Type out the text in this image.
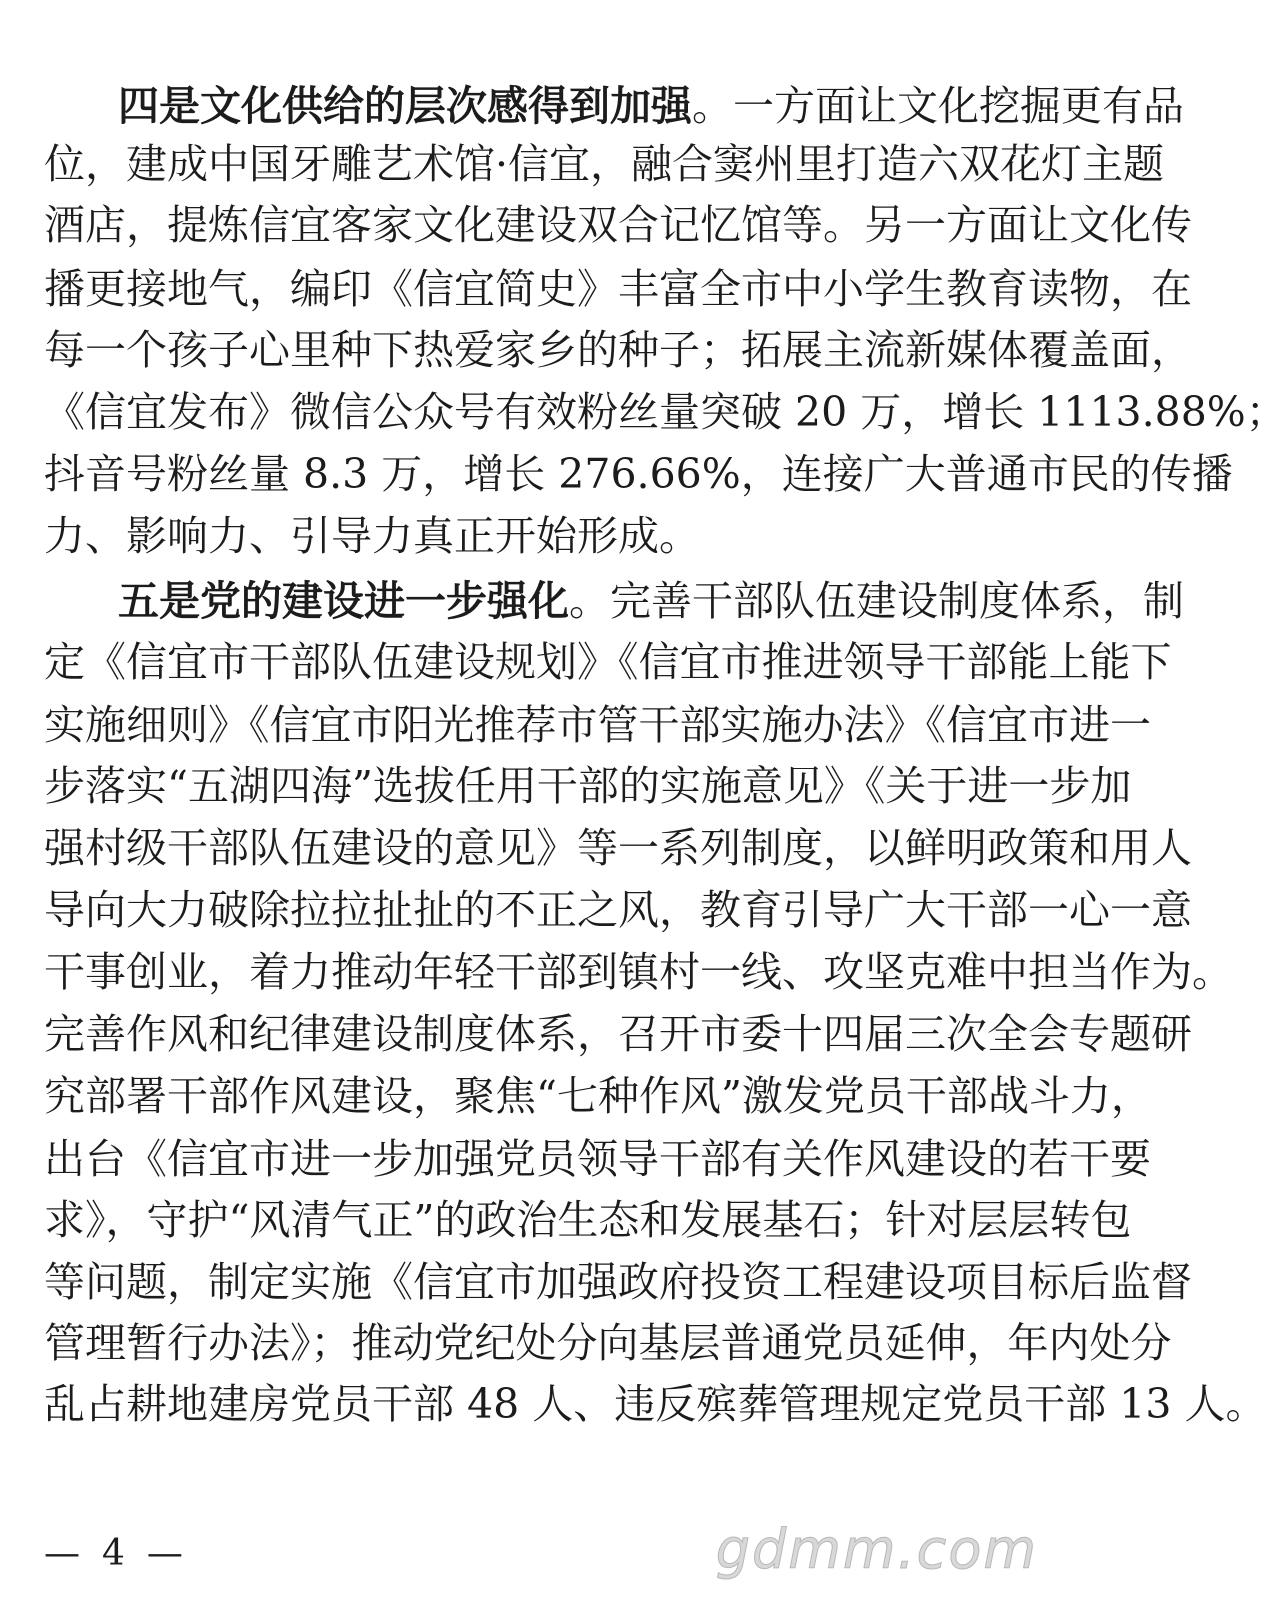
四是文化供给的层次感得到加强。一方面让文化挖掘更有品
位，建成中国牙雕艺术馆·信宜，融合窦州里打造六双花灯主题
酒店，提炼信宜客家文化建设双合记忆馆等。另一方面让文化传
播更接地气，编印《信宜简史》丰富全市中小学生教育读物，在
每一个孩子心里种下热爱家乡的种子；拓展主流新媒体覆盖面，
《信宜发布》微信公众号有效粉丝量突破 20 万，增长 1113.88%；
抖音号粉丝量 8.3 万，增长 276.66%，连接广大普通市民的传播
力、影响力、引导力真正开始形成。
五是党的建设进一步强化。完善干部队伍建设制度体系，制
定《信宜市干部队伍建设规划》《信宜市推进领导干部能上能下
实施细则》《信宜市阳光推荐市管干部实施办法》《信宜市进一
步落实“五湖四海”选拔任用干部的实施意见》《关于进一步加
强村级干部队伍建设的意见》等一系列制度，以鲜明政策和用人
导向大力破除拉拉扯扯的不正之风，教育引导广大干部一心一意
干事创业，着力推动年轻干部到镇村一线、攻坚克难中担当作为。
完善作风和纪律建设制度体系，召开市委十四届三次全会专题研
究部署干部作风建设，聚焦“七种作风”激发党员干部战斗力，
出台《信宜市进一步加强党员领导干部有关作风建设的若干要
求》，守护“风清气正”的政治生态和发展基石；针对层层转包
等问题，制定实施《信宜市加强政府投资工程建设项目标后监督
管理暂行办法》；推动党纪处分向基层普通党员延伸，年内处分
乱占耕地建房党员干部 48 人、违反殡葬管理规定党员干部 13 人。
— 4 —	gdmm.com
